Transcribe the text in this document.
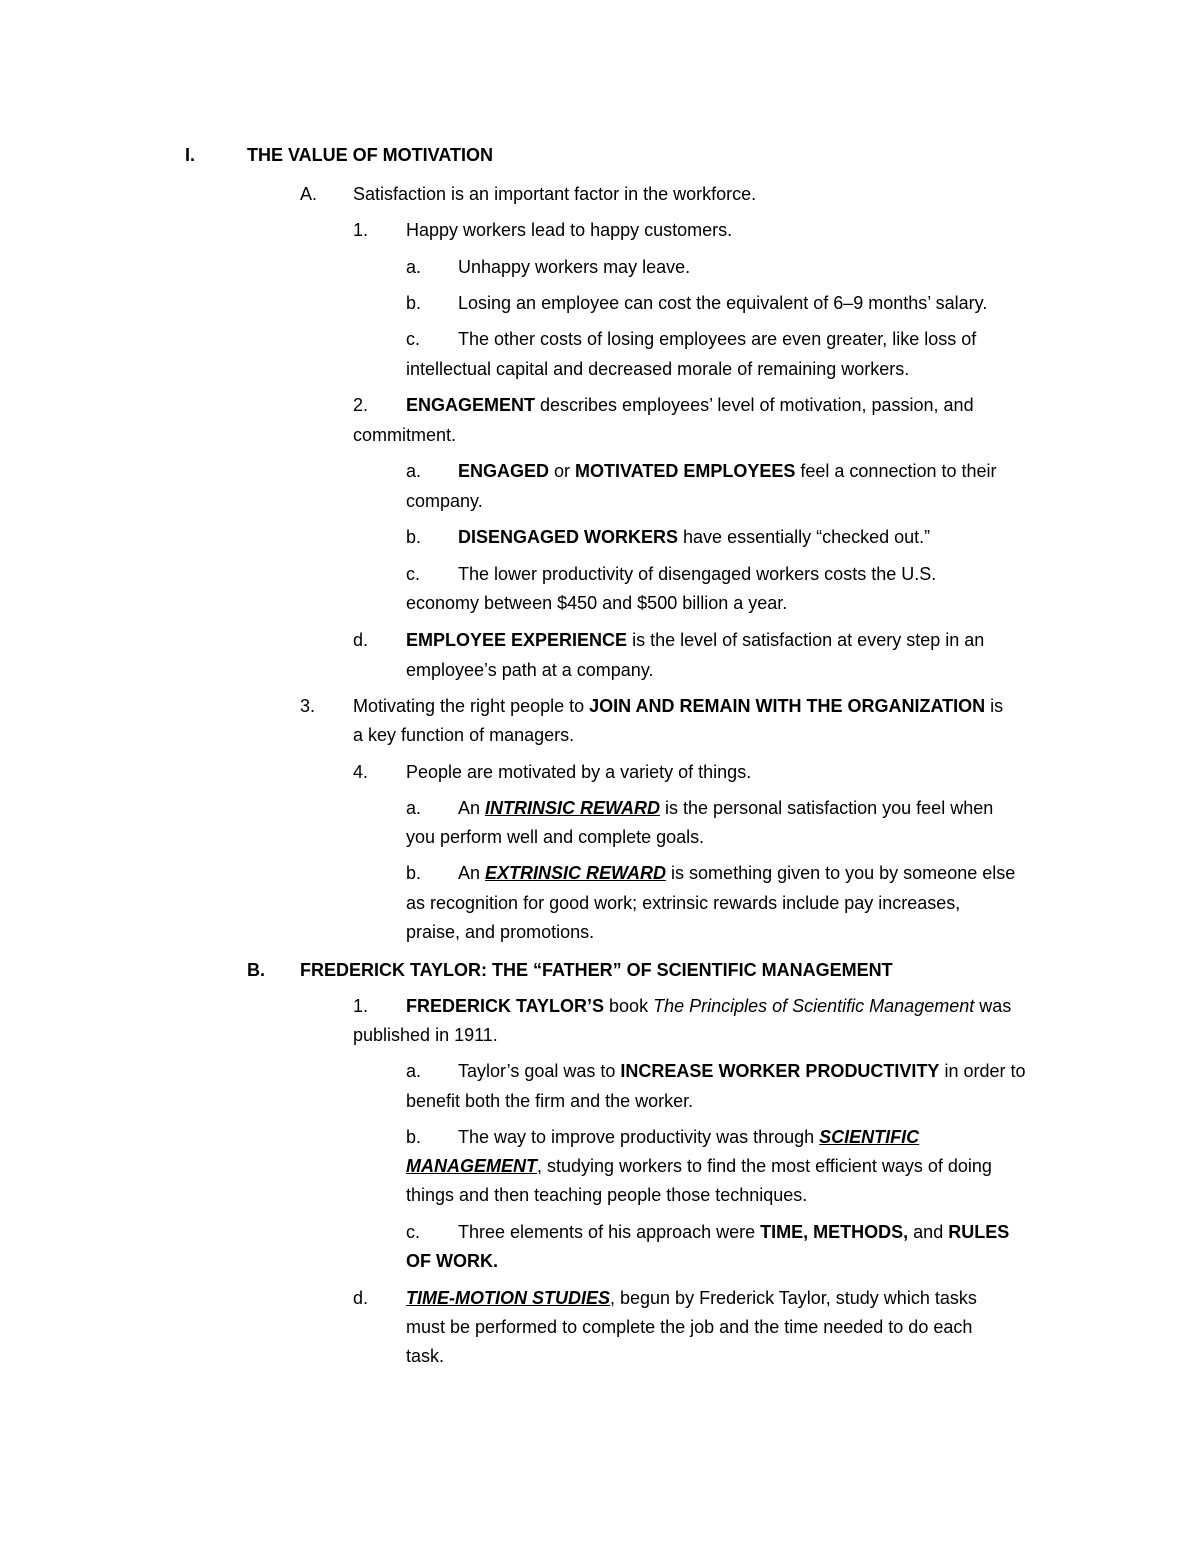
I.	THE VALUE OF MOTIVATION
A. Satisfaction is an important factor in the workforce.
1. Happy workers lead to happy customers.
a. Unhappy workers may leave.
b. Losing an employee can cost the equivalent of 6–9 months’ salary.
c. The other costs of losing employees are even greater, like loss of
intellectual capital and decreased morale of remaining workers.
2. ENGAGEMENT describes employees’ level of motivation, passion, and
commitment.
a. ENGAGED or MOTIVATED EMPLOYEES feel a connection to their
company.
b. DISENGAGED WORKERS have essentially “checked out.”
c. The lower productivity of disengaged workers costs the U.S.
economy between $450 and $500 billion a year.
d. EMPLOYEE EXPERIENCE is the level of satisfaction at every step in an
employee’s path at a company.
3. Motivating the right people to JOIN AND REMAIN WITH THE ORGANIZATION is
a key function of managers.
4. People are motivated by a variety of things.
a. An INTRINSIC REWARD is the personal satisfaction you feel when
you perform well and complete goals.
b. An EXTRINSIC REWARD is something given to you by someone else
as recognition for good work; extrinsic rewards include pay increases,
praise, and promotions.
B. FREDERICK TAYLOR: THE “FATHER” OF SCIENTIFIC MANAGEMENT
1. FREDERICK TAYLOR’S book The Principles of Scientific Management was
published in 1911.
a. Taylor’s goal was to INCREASE WORKER PRODUCTIVITY in order to
benefit both the firm and the worker.
b. The way to improve productivity was through SCIENTIFIC
MANAGEMENT, studying workers to find the most efficient ways of doing
things and then teaching people those techniques.
c. Three elements of his approach were TIME, METHODS, and RULES
OF WORK.
d. TIME-MOTION STUDIES, begun by Frederick Taylor, study which tasks
must be performed to complete the job and the time needed to do each
task.
